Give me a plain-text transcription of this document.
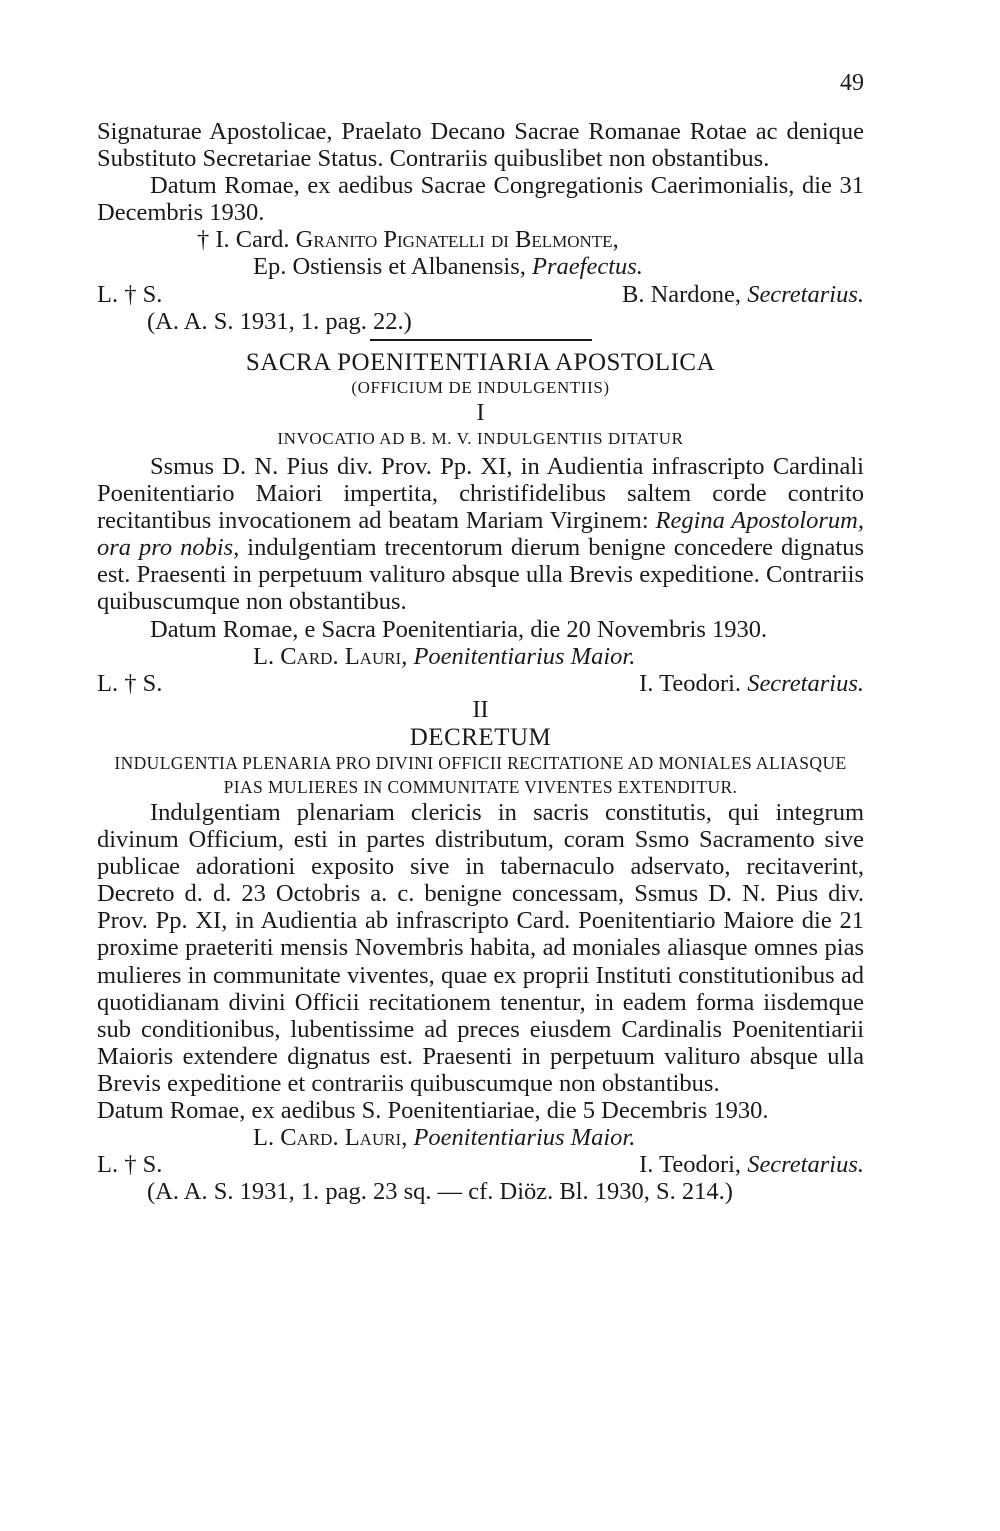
49

Signaturae Apostolicae, Praelato Decano Sacrae Romanae Rotae ac denique Substituto Secretariae Status. Contrariis quibuslibet non obstantibus.

Datum Romae, ex aedibus Sacrae Congregationis Caerimonialis, die 31 Decembris 1930.

† I. Card. Granito Pignatelli di Belmonte,

Ep. Ostiensis et Albanensis, Praefectus.

L. † S.	B. Nardone, Secretarius.

(A. A. S. 1931, 1. pag. 22.)

SACRA POENITENTIARIA APOSTOLICA

(OFFICIUM DE INDULGENTIIS)

I

INVOCATIO AD B. M. V. INDULGENTIIS DITATUR

Ssmus D. N. Pius div. Prov. Pp. XI, in Audientia infrascripto Cardinali Poenitentiario Maiori impertita, christifidelibus saltem corde contrito recitantibus invocationem ad beatam Mariam Virginem: Regina Apostolorum, ora pro nobis, indulgentiam trecentorum dierum benigne concedere dignatus est. Praesenti in perpetuum valituro absque ulla Brevis expeditione. Contrariis quibuscumque non obstantibus.

Datum Romae, e Sacra Poenitentiaria, die 20 Novembris 1930.

L. Card. Lauri, Poenitentiarius Maior.

L. † S.	I. Teodori. Secretarius.

II

DECRETUM

INDULGENTIA PLENARIA PRO DIVINI OFFICII RECITATIONE AD MONIALES ALIASQUE PIAS MULIERES IN COMMUNITATE VIVENTES EXTENDITUR.

Indulgentiam plenariam clericis in sacris constitutis, qui integrum divinum Officium, esti in partes distributum, coram Ssmo Sacramento sive publicae adorationi exposito sive in tabernaculo adservato, recitaverint, Decreto d. d. 23 Octobris a. c. benigne concessam, Ssmus D. N. Pius div. Prov. Pp. XI, in Audientia ab infrascripto Card. Poenitentiario Maiore die 21 proxime praeteriti mensis Novembris habita, ad moniales aliasque omnes pias mulieres in communitate viventes, quae ex proprii Instituti constitutionibus ad quotidianam divini Officii recitationem tenentur, in eadem forma iisdemque sub conditionibus, lubentissime ad preces eiusdem Cardinalis Poenitentiarii Maioris extendere dignatus est. Praesenti in perpetuum valituro absque ulla Brevis expeditione et contrariis quibuscumque non obstantibus.

Datum Romae, ex aedibus S. Poenitentiariae, die 5 Decembris 1930.

L. Card. Lauri, Poenitentiarius Maior.

L. † S.	I. Teodori, Secretarius.

(A. A. S. 1931, 1. pag. 23 sq. — cf. Diöz. Bl. 1930, S. 214.)
